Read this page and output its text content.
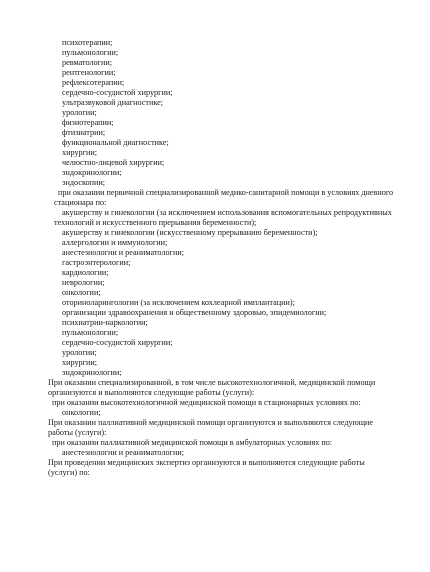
психотерапии;
пульмонологии;
ревматологии;
рентгенологии;
рефлексотерапии;
сердечно-сосудистой хирургии;
ультразвуковой диагностике;
урологии;
физиотерапии;
фтизиатрии;
функциональной диагностике;
хирургии;
челюстно-лицевой хирургии;
эндокринологии;
эндоскопии;
при оказании первичной специализированной медико-санитарной помощи в условиях дневного
стационара по:
акушерству и гинекологии (за исключением использования вспомогательных репродуктивных
технологий и искусственного прерывания беременности);
акушерству и гинекологии (искусственному прерыванию беременности);
аллергологии и иммунологии;
анестезиологии и реаниматологии;
гастроэнтерологии;
кардиологии;
неврологии;
онкологии;
оториноларингологии (за исключением кохлеарной имплантации);
организации здравоохранения и общественному здоровью, эпидемиологии;
психиатрии-наркологии;
пульмонологии;
сердечно-сосудистой хирургии;
урологии;
хирургии;
эндокринологии;
При оказании специализированной, в том числе высокотехнологичной, медицинской помощи
организуются и выполняются следующие работы (услуги):
при оказании высокотехнологичной медицинской помощи в стационарных условиях по:
онкологии;
При оказании паллиативной медицинской помощи организуются и выполняются следующие
работы (услуги):
при оказании паллиативной медицинской помощи в амбулаторных условиях по:
анестезиологии и реаниматологии;
При проведении медицинских экспертиз организуются и выполняются следующие работы
(услуги) по:
